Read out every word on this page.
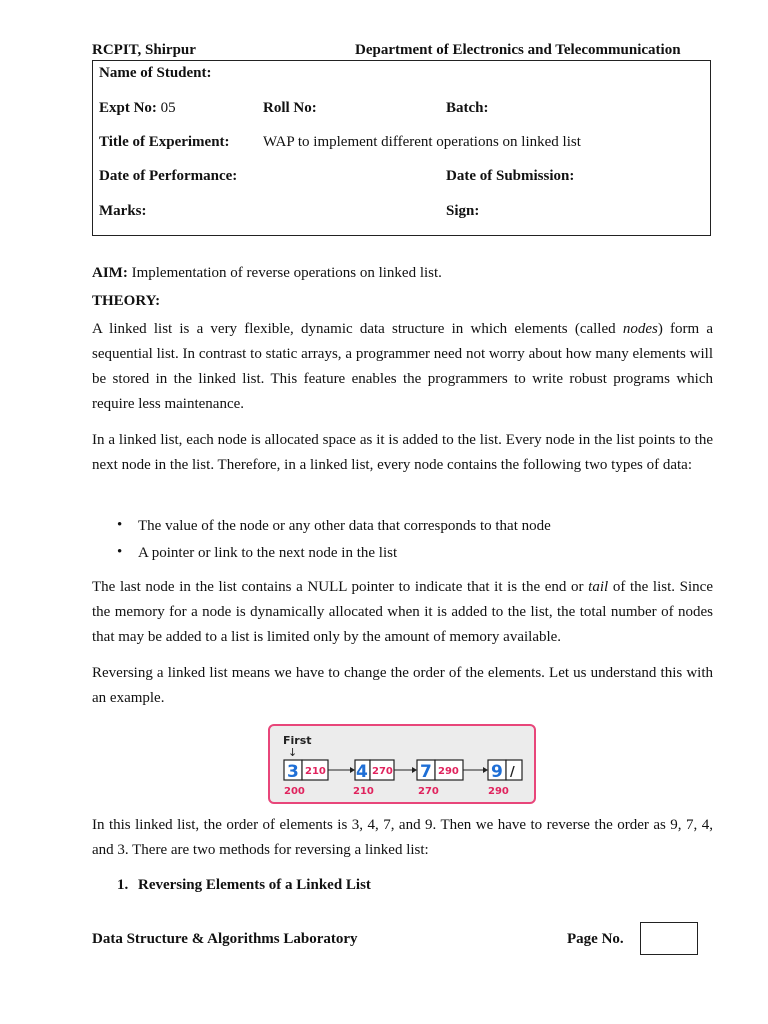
RCPIT, Shirpur	Department of Electronics and Telecommunication
Name of Student:
Expt No: 05	Roll No:	Batch:
Title of Experiment: WAP to implement different operations on linked list
Date of Performance:	Date of Submission:
Marks:	Sign:
AIM: Implementation of reverse operations on linked list.
THEORY:

A linked list is a very flexible, dynamic data structure in which elements (called nodes) form a sequential list. In contrast to static arrays, a programmer need not worry about how many elements will be stored in the linked list. This feature enables the programmers to write robust programs which require less maintenance.

In a linked list, each node is allocated space as it is added to the list. Every node in the list points to the next node in the list. Therefore, in a linked list, every node contains the following two types of data:

• The value of the node or any other data that corresponds to that node
• A pointer or link to the next node in the list

The last node in the list contains a NULL pointer to indicate that it is the end or tail of the list. Since the memory for a node is dynamically allocated when it is added to the list, the total number of nodes that may be added to a list is limited only by the amount of memory available.

Reversing a linked list means we have to change the order of the elements. Let us understand this with an example.

First
↓
3 210
200
4 270
210
7 290
270
9 /
290

In this linked list, the order of elements is 3, 4, 7, and 9. Then we have to reverse the order as 9, 7, 4, and 3. There are two methods for reversing a linked list:

1. Reversing Elements of a Linked List
Data Structure & Algorithms Laboratory	Page No.
